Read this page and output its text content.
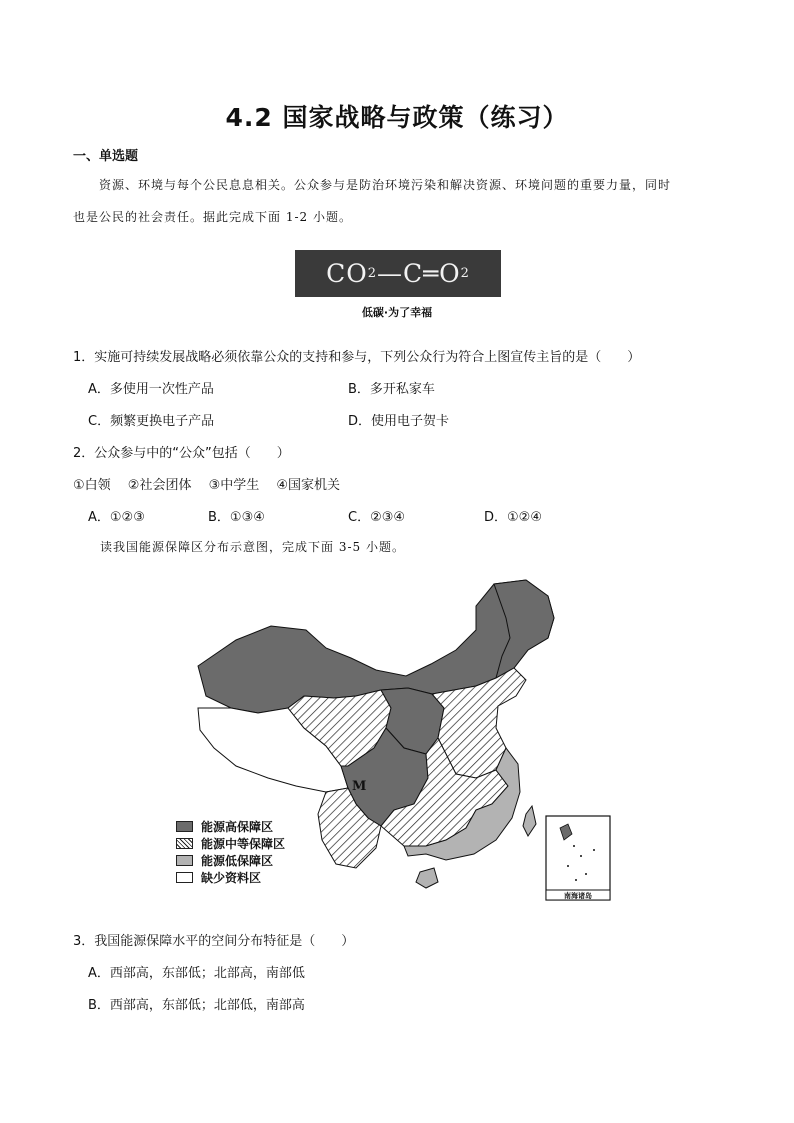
4.2 国家战略与政策（练习）
一、单选题
资源、环境与每个公民息息相关。公众参与是防治环境污染和解决资源、环境问题的重要力量，同时
也是公民的社会责任。据此完成下面 1-2 小题。
CO 2 —C═O 2
低碳·为了幸福
1．实施可持续发展战略必须依靠公众的支持和参与，下列公众行为符合上图宣传主旨的是（　　）
A．多使用一次性产品	B．多开私家车
C．频繁更换电子产品	D．使用电子贺卡
2．公众参与中的“公众”包括（　　）
①白领　 ②社会团体　 ③中学生　 ④国家机关
A．①②③	B．①③④	C．②③④	D．①②④
读我国能源保障区分布示意图，完成下面 3-5 小题。
南海诸岛
M
能源高保障区
能源中等保障区
能源低保障区
缺少资料区
3．我国能源保障水平的空间分布特征是（　　）
A．西部高，东部低；北部高，南部低
B．西部高，东部低；北部低，南部高
